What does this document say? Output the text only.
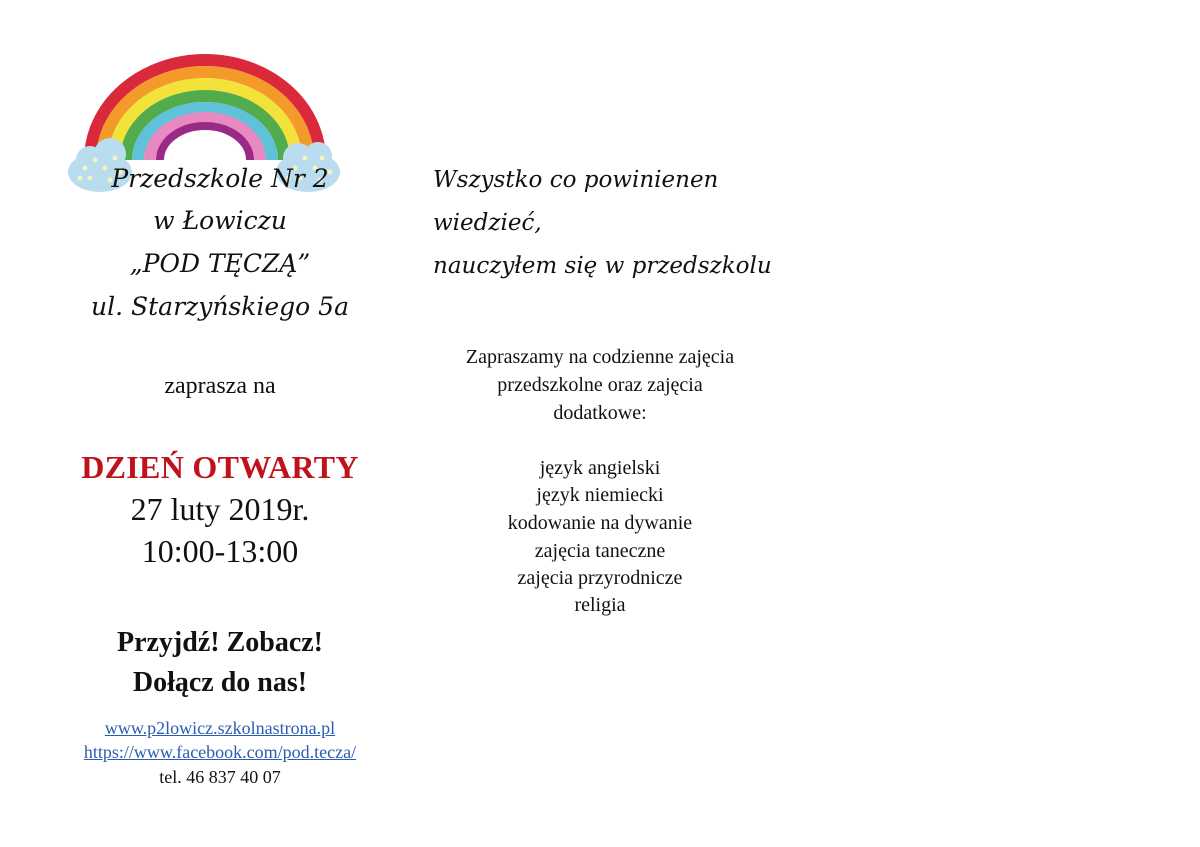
Przedszkole Nr 2
w Łowiczu
„POD TĘCZĄ”
ul. Starzyńskiego 5a
zaprasza na
DZIEŃ OTWARTY
27 luty 2019r.
10:00-13:00
Przyjdź! Zobacz!
Dołącz do nas!
www.p2lowicz.szkolnastrona.pl
https://www.facebook.com/pod.tecza/
tel. 46 837 40 07
Wszystko co powinienen
wiedzieć,
nauczyłem się w przedszkolu
Zapraszamy na codzienne zajęcia
przedszkolne oraz zajęcia
dodatkowe:
język angielski
język niemiecki
kodowanie na dywanie
zajęcia taneczne
zajęcia przyrodnicze
religia
